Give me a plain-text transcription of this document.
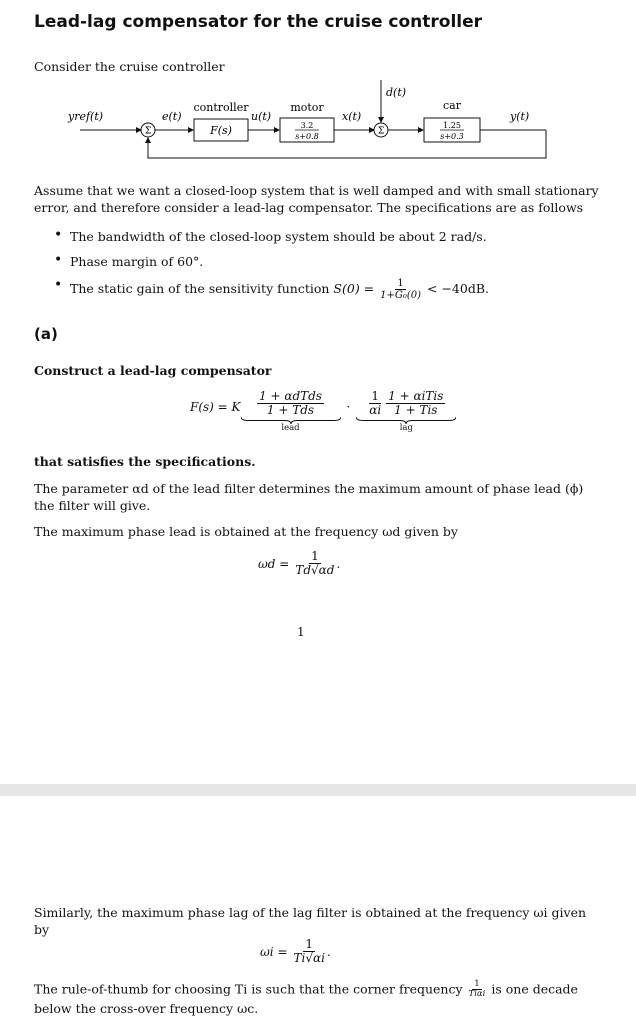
Lead-lag compensator for the cruise controller
Consider the cruise controller
Σ	F(s)
controller
3.2
s+0.8
motor
Σ
1.25
s+0.3
car
yref(t)	e(t)	u(t)	x(t)
d(t)
y(t)
Assume that we want a closed-loop system that is well damped and with small stationary error, and therefore consider a lead-lag compensator. The specifications are as follows
• The bandwidth of the closed-loop system should be about 2 rad/s.
• Phase margin of 60°.
• The static gain of the sensitivity function $S(0) = \frac{1}{\text{1+G₀(0)}} < -40dB$.
(a)
Construct a lead-lag compensator
F(s) = K $\frac{\text{1 + αdTds}}{\text{1 + Tds}}$
lead
· $\frac{1}{\alpha i} \frac{\text{1 + αiTis}}{\text{1 + Tis}}$
lag
that satisfies the specifications.
The parameter αd of the lead filter determines the maximum amount of phase lead (ϕ) the filter will give.
The maximum phase lead is obtained at the frequency ωd given by
$\omega d = \frac{1}{Td√\alpha d}$ .
1
Similarly, the maximum phase lag of the lag filter is obtained at the frequency ωi given by
$\omega i = \frac{1}{Ti√\alpha i}$ .
The rule-of-thumb for choosing Ti is such that the corner frequency $\frac{1}{\text{Tiαi}}$ is one decade below the cross-over frequency ωc.
